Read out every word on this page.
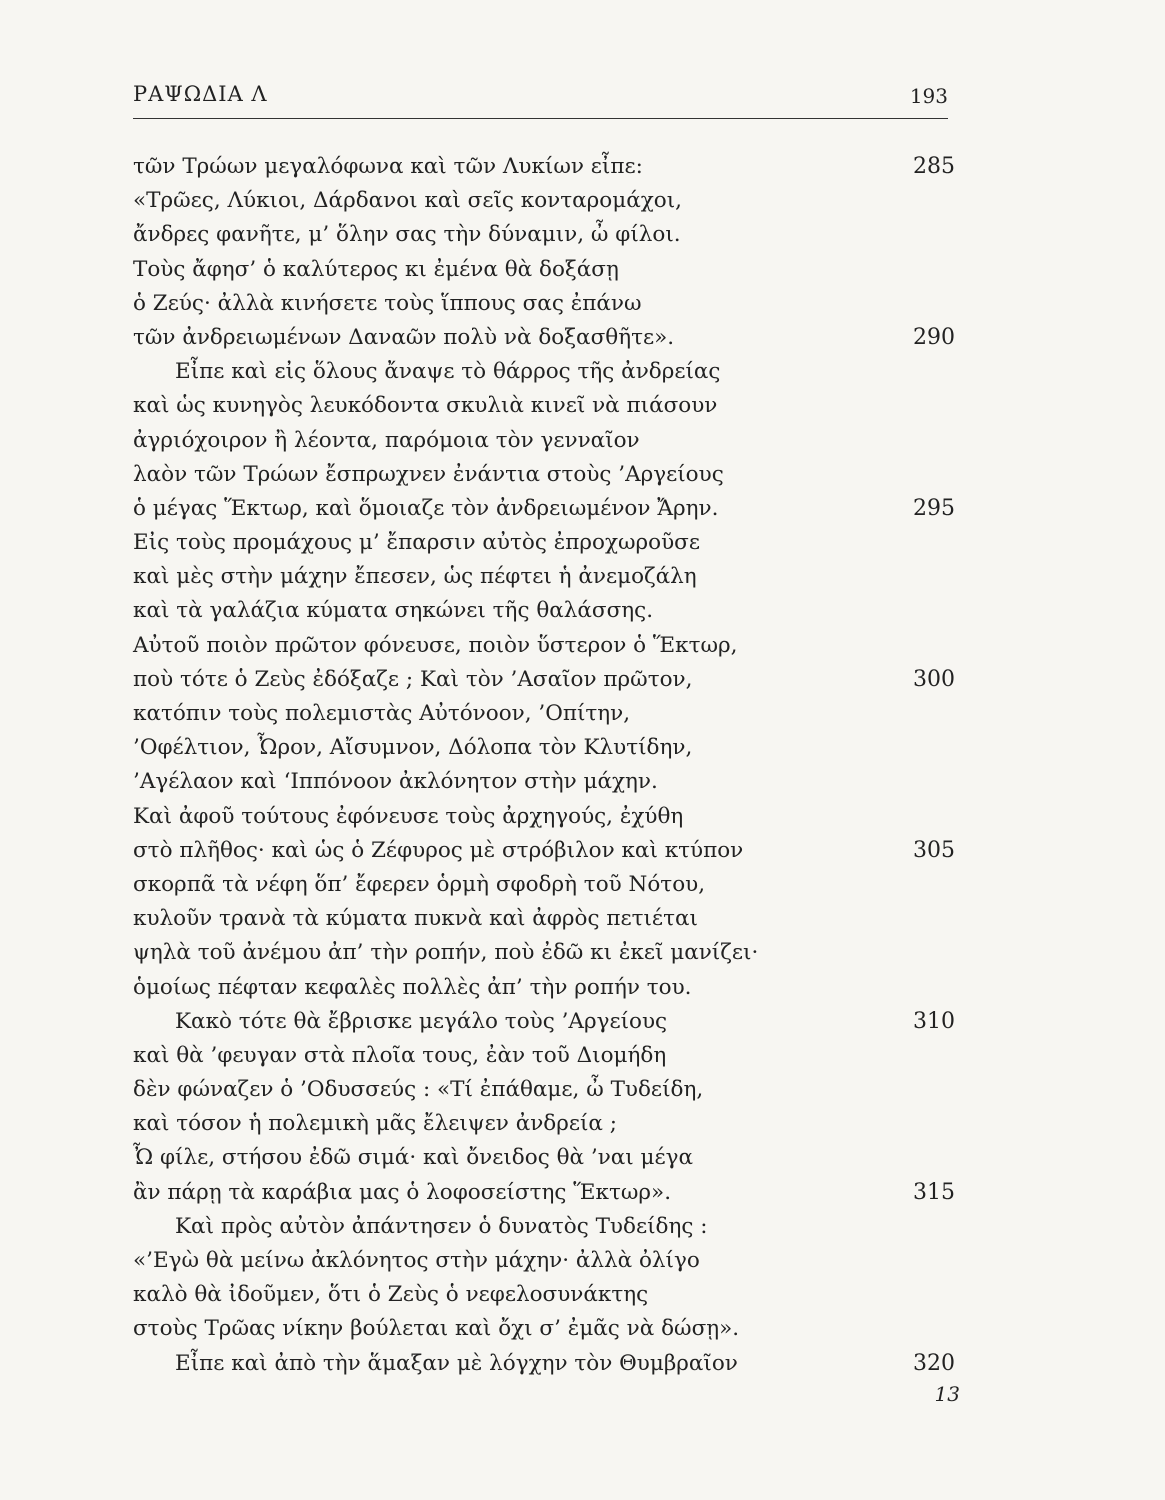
ΡΑΨΩΔΙΑ Λ	193
τῶν Τρώων μεγαλόφωνα καὶ τῶν Λυκίων εἶπε:	285
«Τρῶες, Λύκιοι, Δάρδανοι καὶ σεῖς κονταρομάχοι,
ἄνδρες φανῆτε, μ’ ὅλην σας τὴν δύναμιν, ὦ φίλοι.
Τοὺς ἄφησ’ ὁ καλύτερος κι ἐμένα θὰ δοξάσῃ
ὁ Ζεύς· ἀλλὰ κινήσετε τοὺς ἵππους σας ἐπάνω
τῶν ἀνδρειωμένων Δαναῶν πολὺ νὰ δοξασθῆτε».	290
Εἶπε καὶ εἰς ὅλους ἄναψε τὸ θάρρος τῆς ἀνδρείας
καὶ ὡς κυνηγὸς λευκόδοντα σκυλιὰ κινεῖ νὰ πιάσουν
ἀγριόχοιρον ἢ λέοντα, παρόμοια τὸν γενναῖον
λαὸν τῶν Τρώων ἔσπρωχνεν ἐνάντια στοὺς ’Αργείους
ὁ μέγας Ἕκτωρ, καὶ ὅμοιαζε τὸν ἀνδρειωμένον Ἄρην.	295
Εἰς τοὺς προμάχους μ’ ἔπαρσιν αὐτὸς ἐπροχωροῦσε
καὶ μὲς στὴν μάχην ἔπεσεν, ὡς πέφτει ἡ ἀνεμοζάλη
καὶ τὰ γαλάζια κύματα σηκώνει τῆς θαλάσσης.
Αὐτοῦ ποιὸν πρῶτον φόνευσε, ποιὸν ὕστερον ὁ Ἕκτωρ,
ποὺ τότε ὁ Ζεὺς ἐδόξαζε ; Καὶ τὸν ’Ασαῖον πρῶτον,	300
κατόπιν τοὺς πολεμιστὰς Αὐτόνοον, ’Οπίτην,
’Οφέλτιον, Ὦρον, Αἴσυμνον, Δόλοπα τὸν Κλυτίδην,
’Αγέλαον καὶ ‘Ιππόνοον ἀκλόνητον στὴν μάχην.
Καὶ ἀφοῦ τούτους ἐφόνευσε τοὺς ἀρχηγούς, ἐχύθη
στὸ πλῆθος· καὶ ὡς ὁ Ζέφυρος μὲ στρόβιλον καὶ κτύπον	305
σκορπᾶ τὰ νέφη ὅπ’ ἔφερεν ὁρμὴ σφοδρὴ τοῦ Νότου,
κυλοῦν τρανὰ τὰ κύματα πυκνὰ καὶ ἀφρὸς πετιέται
ψηλὰ τοῦ ἀνέμου ἀπ’ τὴν ροπήν, ποὺ ἐδῶ κι ἐκεῖ μανίζει·
ὁμοίως πέφταν κεφαλὲς πολλὲς ἀπ’ τὴν ροπήν του.
Κακὸ τότε θὰ ἔβρισκε μεγάλο τοὺς ’Αργείους	310
καὶ θὰ ’φευγαν στὰ πλοῖα τους, ἐὰν τοῦ Διομήδη
δὲν φώναζεν ὁ ’Οδυσσεύς : «Τί ἐπάθαμε, ὦ Τυδείδη,
καὶ τόσον ἡ πολεμικὴ μᾶς ἔλειψεν ἀνδρεία ;
Ὦ φίλε, στήσου ἐδῶ σιμά· καὶ ὄνειδος θὰ ’ναι μέγα
ἂν πάρῃ τὰ καράβια μας ὁ λοφοσείστης Ἕκτωρ».	315
Καὶ πρὸς αὐτὸν ἀπάντησεν ὁ δυνατὸς Τυδείδης :
«’Εγὼ θὰ μείνω ἀκλόνητος στὴν μάχην· ἀλλὰ ὀλίγο
καλὸ θὰ ἰδοῦμεν, ὅτι ὁ Ζεὺς ὁ νεφελοσυνάκτης
στοὺς Τρῶας νίκην βούλεται καὶ ὄχι σ’ ἐμᾶς νὰ δώσῃ».
Εἶπε καὶ ἀπὸ τὴν ἅμαξαν μὲ λόγχην τὸν Θυμβραῖον	320
13
